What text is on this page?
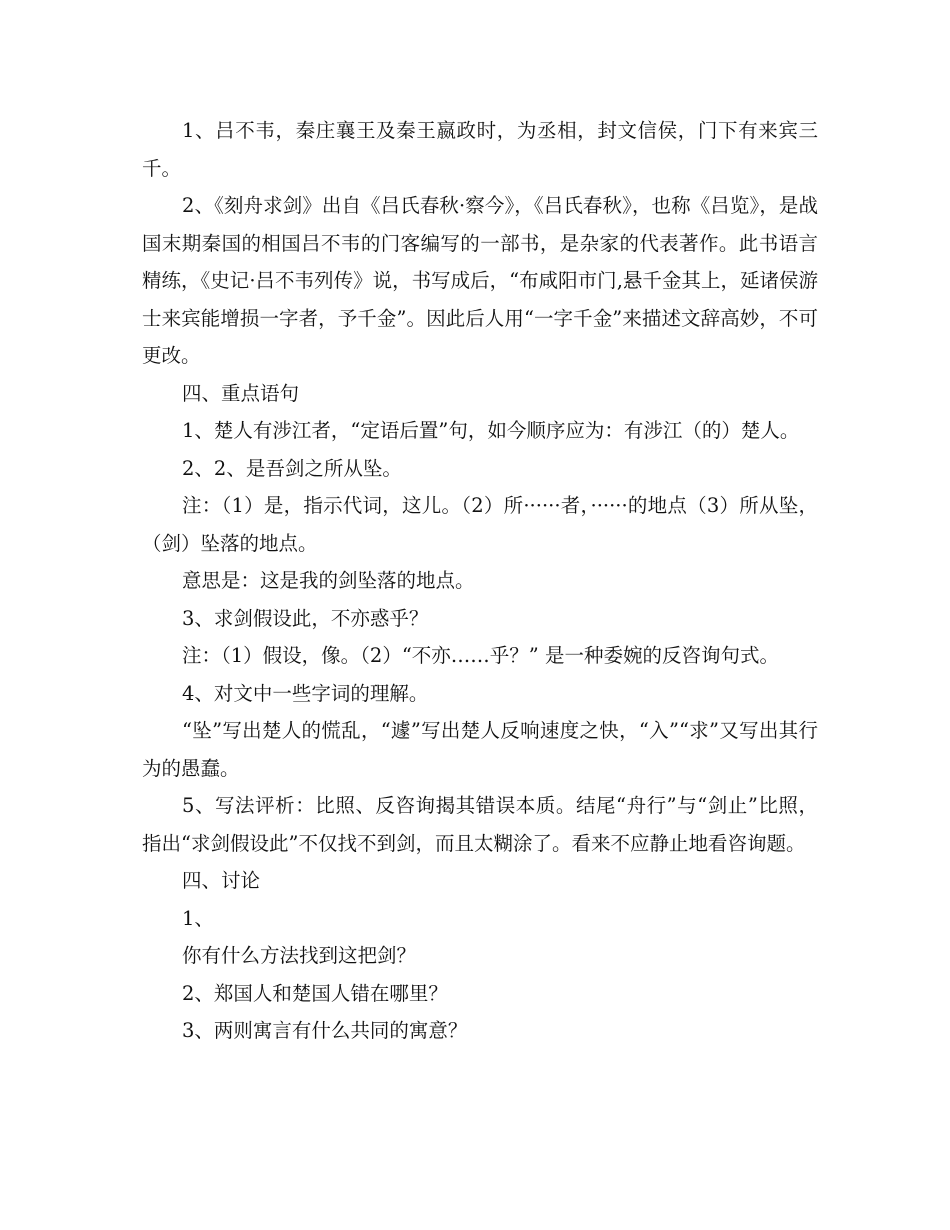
1、吕不韦，秦庄襄王及秦王嬴政时，为丞相，封文信侯，门下有来宾三千。

2、《刻舟求剑》出自《吕氏春秋·察今》，《吕氏春秋》，也称《吕览》，是战国末期秦国的相国吕不韦的门客编写的一部书，是杂家的代表著作。此书语言精练，《史记·吕不韦列传》说，书写成后，“布咸阳市门,悬千金其上，延诸侯游士来宾能增损一字者，予千金”。因此后人用“一字千金”来描述文辞高妙，不可更改。

四、重点语句

1、楚人有涉江者，“定语后置”句，如今顺序应为：有涉江（的）楚人。

2、2、是吾剑之所从坠。

注：（1）是，指示代词，这儿。（2）所······者，······的地点（3）所从坠，（剑）坠落的地点。

意思是：这是我的剑坠落的地点。

3、求剑假设此，不亦惑乎？

注：（1）假设，像。（2）“不亦……乎？” 是一种委婉的反咨询句式。

4、对文中一些字词的理解。

“坠”写出楚人的慌乱，“遽”写出楚人反响速度之快，“入”“求”又写出其行为的愚蠢。

5、写法评析：比照、反咨询揭其错误本质。结尾“舟行”与“剑止”比照，指出“求剑假设此”不仅找不到剑，而且太糊涂了。看来不应静止地看咨询题。

四、讨论

1、

你有什么方法找到这把剑？

2、郑国人和楚国人错在哪里？

3、两则寓言有什么共同的寓意？
